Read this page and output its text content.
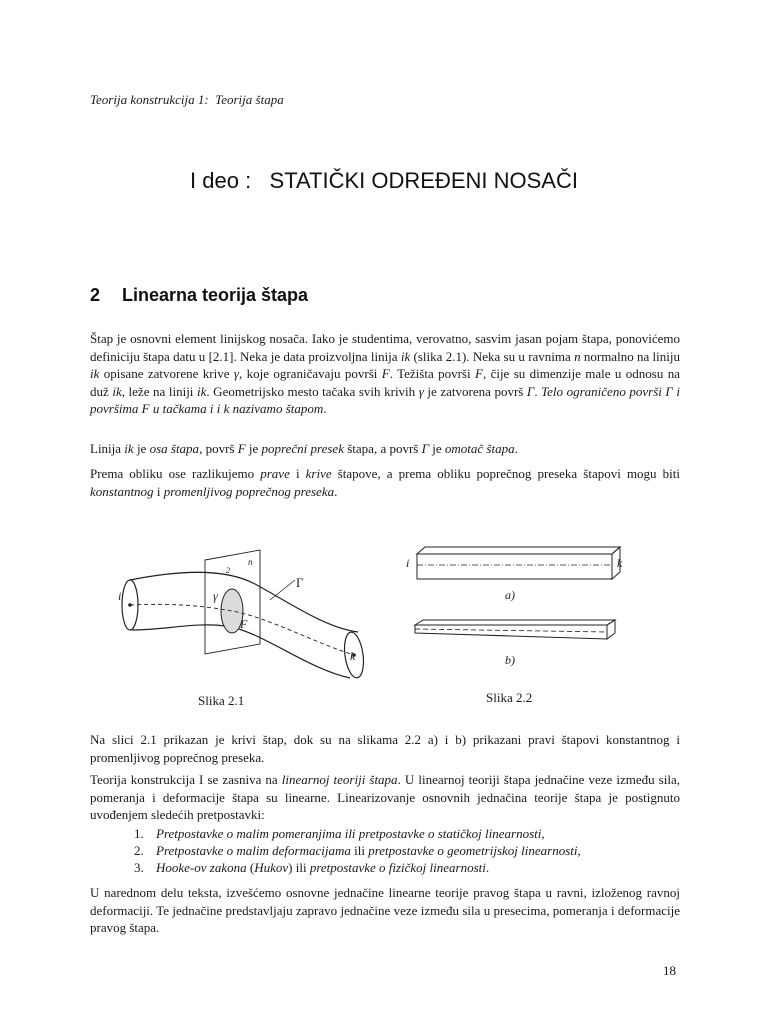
Teorija konstrukcija 1:  Teorija štapa
I deo :   STATIČKI ODREĐENI NOSAČI
2 Linearna teorija štapa

Štap je osnovni element linijskog nosača. Iako je studentima, verovatno, sasvim jasan pojam štapa, ponovićemo definiciju štapa datu u [2.1]. Neka je data proizvoljna linija ik (slika 2.1). Neka su u ravnima n normalno na liniju ik opisane zatvorene krive γ, koje ograničavaju površi F. Težišta površi F, čije su dimenzije male u odnosu na duž ik, leže na liniji ik. Geometrijsko mesto tačaka svih krivih γ je zatvorena površ Γ. Telo ograničeno površi Γ i površima F u tačkama i i k nazivamo štapom.

Linija ik je osa štapa, površ F je poprečni presek štapa, a površ Γ je omotač štapa.

Prema obliku ose razlikujemo prave i krive štapove, a prema obliku poprečnog preseka štapovi mogu biti konstantnog i promenljivog poprečnog preseka.

i
k
γ
F
n
2
Γ
Slika 2.1
i	k
a)
b)
Slika 2.2
Na slici 2.1 prikazan je krivi štap, dok su na slikama 2.2 a) i b) prikazani pravi štapovi konstantnog i promenljivog poprečnog preseka.

Teorija konstrukcija I se zasniva na linearnoj teoriji štapa. U linearnoj teoriji štapa jednačine veze između sila, pomeranja i deformacije štapa su linearne. Linearizovanje osnovnih jednačina teorije štapa je postignuto uvođenjem sledećih pretpostavki:

1. Pretpostavke o malim pomeranjima ili pretpostavke o statičkoj linearnosti,
2. Pretpostavke o malim deformacijama ili pretpostavke o geometrijskoj linearnosti,
3. Hooke-ov zakona (Hukov) ili pretpostavke o fizičkoj linearnosti.
U narednom delu teksta, izvešćemo osnovne jednačine linearne teorije pravog štapa u ravni, izloženog ravnoj deformaciji. Te jednačine predstavljaju zapravo jednačine veze između sila u presecima, pomeranja i deformacije pravog štapa.
18
